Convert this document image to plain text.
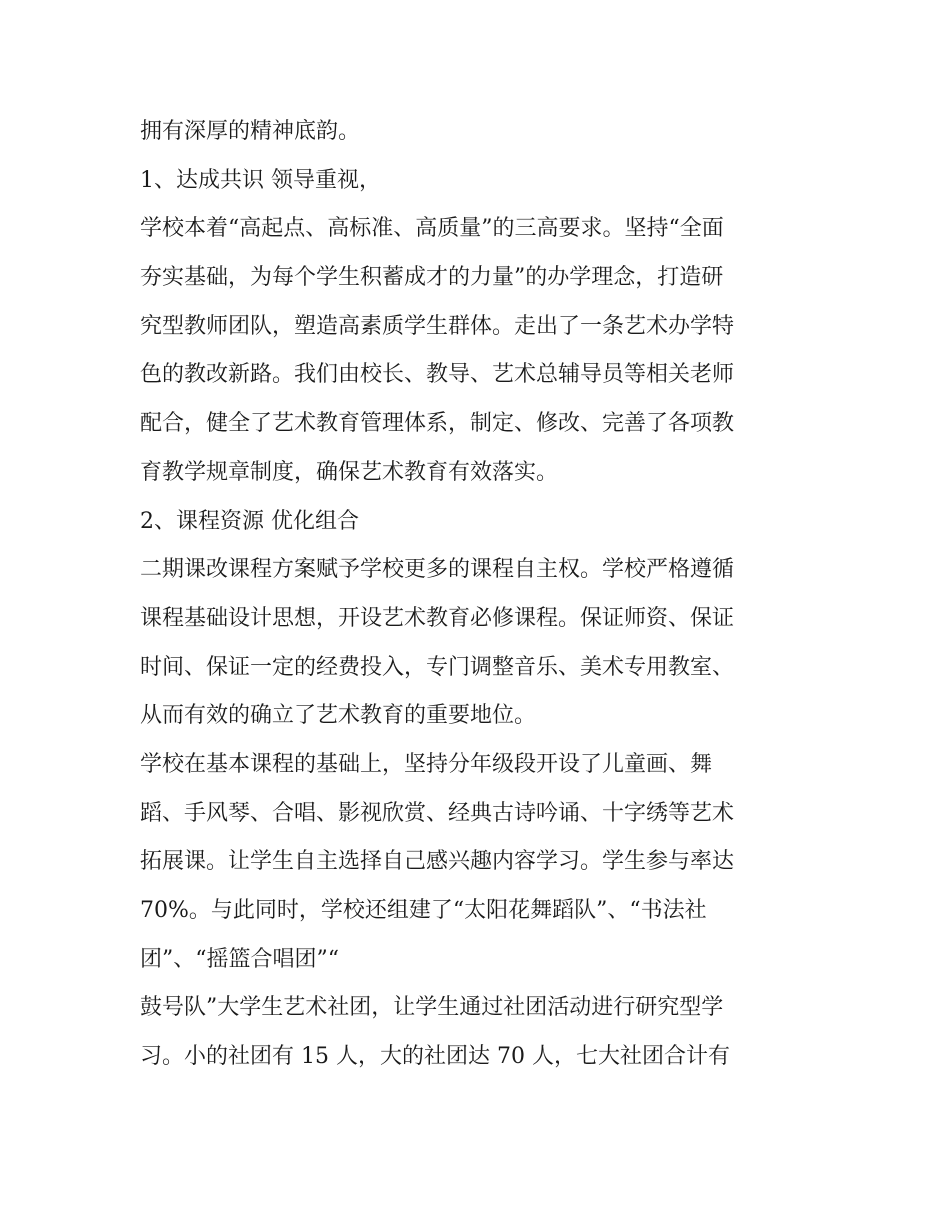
拥有深厚的精神底韵。
1、达成共识 领导重视，
学校本着“高起点、高标准、高质量”的三高要求。坚持“全面
夯实基础，为每个学生积蓄成才的力量”的办学理念，打造研
究型教师团队，塑造高素质学生群体。走出了一条艺术办学特
色的教改新路。我们由校长、教导、艺术总辅导员等相关老师
配合，健全了艺术教育管理体系，制定、修改、完善了各项教
育教学规章制度，确保艺术教育有效落实。
2、课程资源 优化组合
二期课改课程方案赋予学校更多的课程自主权。学校严格遵循
课程基础设计思想，开设艺术教育必修课程。保证师资、保证
时间、保证一定的经费投入，专门调整音乐、美术专用教室、
从而有效的确立了艺术教育的重要地位。
学校在基本课程的基础上，坚持分年级段开设了儿童画、舞
蹈、手风琴、合唱、影视欣赏、经典古诗吟诵、十字绣等艺术
拓展课。让学生自主选择自己感兴趣内容学习。学生参与率达
70%。与此同时，学校还组建了“太阳花舞蹈队”、“书法社
团”、“摇篮合唱团”“
鼓号队”大学生艺术社团，让学生通过社团活动进行研究型学
习。小的社团有 15 人，大的社团达 70 人，七大社团合计有
